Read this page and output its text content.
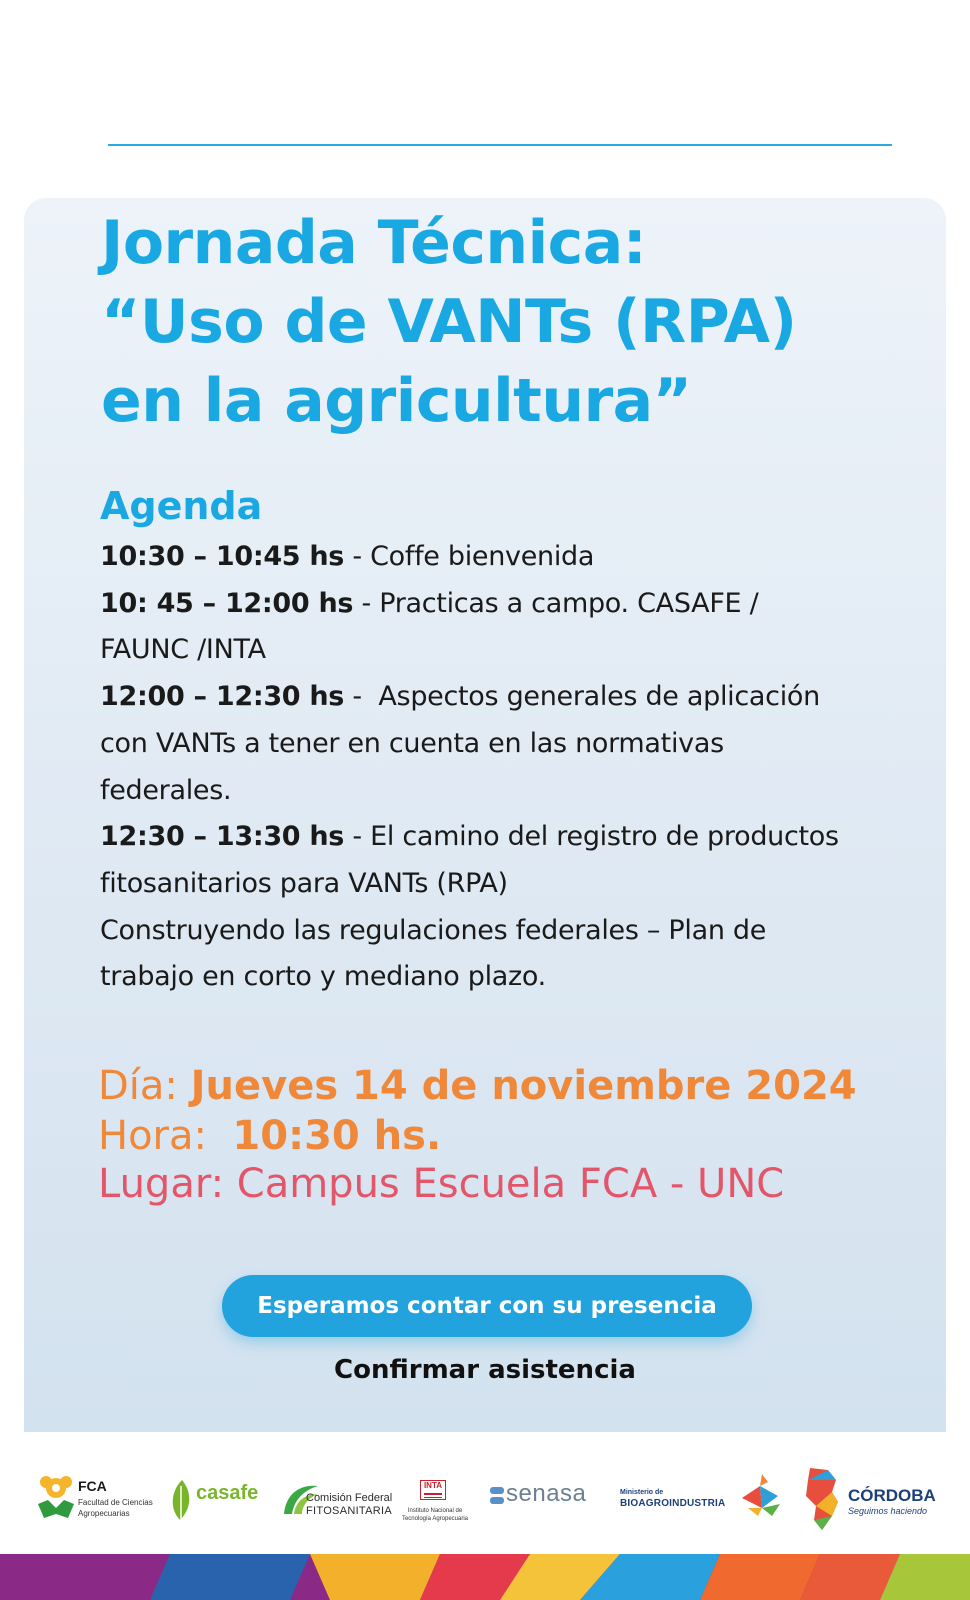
Jornada Técnica:
“Uso de VANTs (RPA)
en la agricultura”
Agenda

10:30 – 10:45 hs - Coffe bienvenida

10: 45 – 12:00 hs - Practicas a campo. CASAFE / FAUNC /INTA

12:00 – 12:30 hs -  Aspectos generales de aplicación con VANTs a tener en cuenta en las normativas federales.

12:30 – 13:30 hs - El camino del registro de productos fitosanitarios para VANTs (RPA)

Construyendo las regulaciones federales – Plan de trabajo en corto y mediano plazo.

Día: Jueves 14 de noviembre 2024
Hora:  10:30 hs.
Lugar: Campus Escuela FCA - UNC
Esperamos contar con su presencia
Confirmar asistencia
FCA
Facultad de Ciencias
Agropecuarias
casafe	Comisión Federal
FITOSANITARIA
INTA
Instituto Nacional de
Tecnología Agropecuaria
senasa	Ministerio de
BIOAGROINDUSTRIA	CÓRDOBA
Seguimos haciendo
